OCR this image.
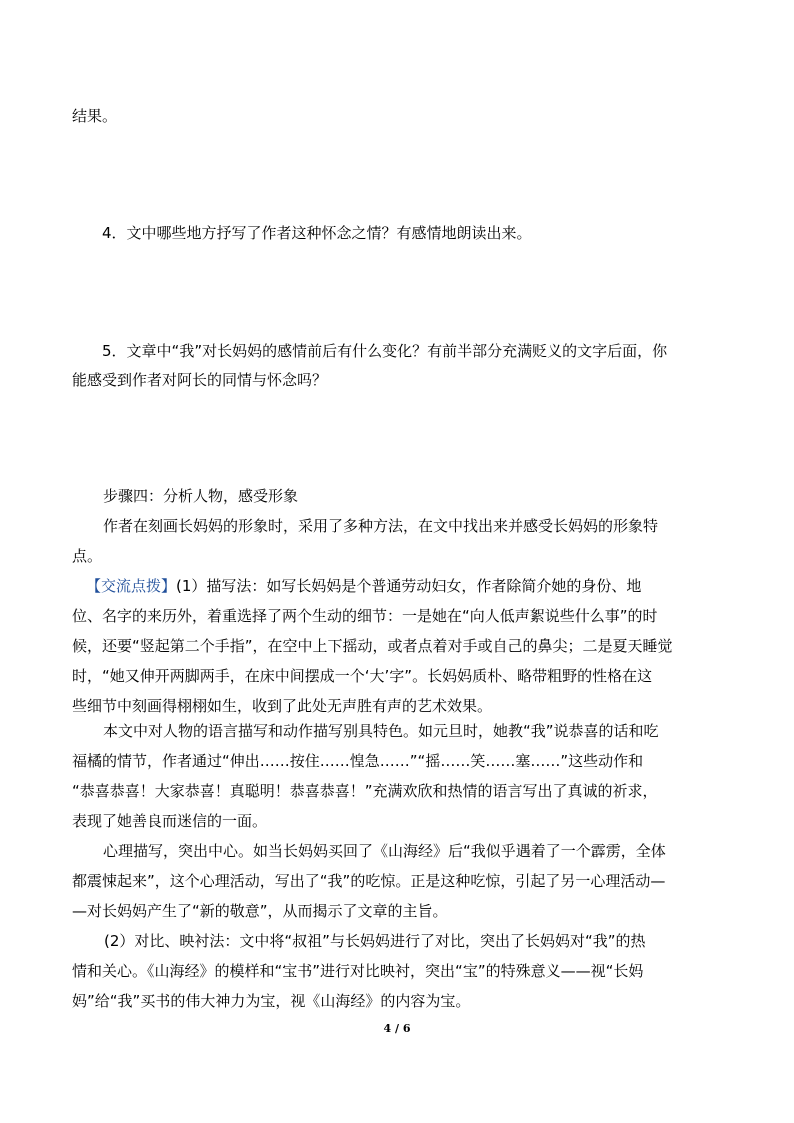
结果。
4．文中哪些地方抒写了作者这种怀念之情？有感情地朗读出来。
5．文章中“我”对长妈妈的感情前后有什么变化？有前半部分充满贬义的文字后面，你
能感受到作者对阿长的同情与怀念吗？
步骤四：分析人物，感受形象
作者在刻画长妈妈的形象时，采用了多种方法，在文中找出来并感受长妈妈的形象特
点。
【交流点拨】(1）描写法：如写长妈妈是个普通劳动妇女，作者除简介她的身份、地
位、名字的来历外，着重选择了两个生动的细节：一是她在“向人低声絮说些什么事”的时
候，还要“竖起第二个手指”，在空中上下摇动，或者点着对手或自己的鼻尖；二是夏天睡觉
时，“她又伸开两脚两手，在床中间摆成一个‘大’字”。长妈妈质朴、略带粗野的性格在这
些细节中刻画得栩栩如生，收到了此处无声胜有声的艺术效果。
本文中对人物的语言描写和动作描写别具特色。如元旦时，她教“我”说恭喜的话和吃
福橘的情节，作者通过“伸出……按住……惶急……”“摇……笑……塞……”这些动作和
“恭喜恭喜！大家恭喜！真聪明！恭喜恭喜！”充满欢欣和热情的语言写出了真诚的祈求，
表现了她善良而迷信的一面。
心理描写，突出中心。如当长妈妈买回了《山海经》后“我似乎遇着了一个霹雳，全体
都震悚起来”，这个心理活动，写出了“我”的吃惊。正是这种吃惊，引起了另一心理活动—
—对长妈妈产生了“新的敬意”，从而揭示了文章的主旨。
(2）对比、映衬法：文中将“叔祖”与长妈妈进行了对比，突出了长妈妈对“我”的热
情和关心。《山海经》的模样和“宝书”进行对比映衬，突出“宝”的特殊意义——视“长妈
妈”给“我”买书的伟大神力为宝，视《山海经》的内容为宝。
4 / 6
